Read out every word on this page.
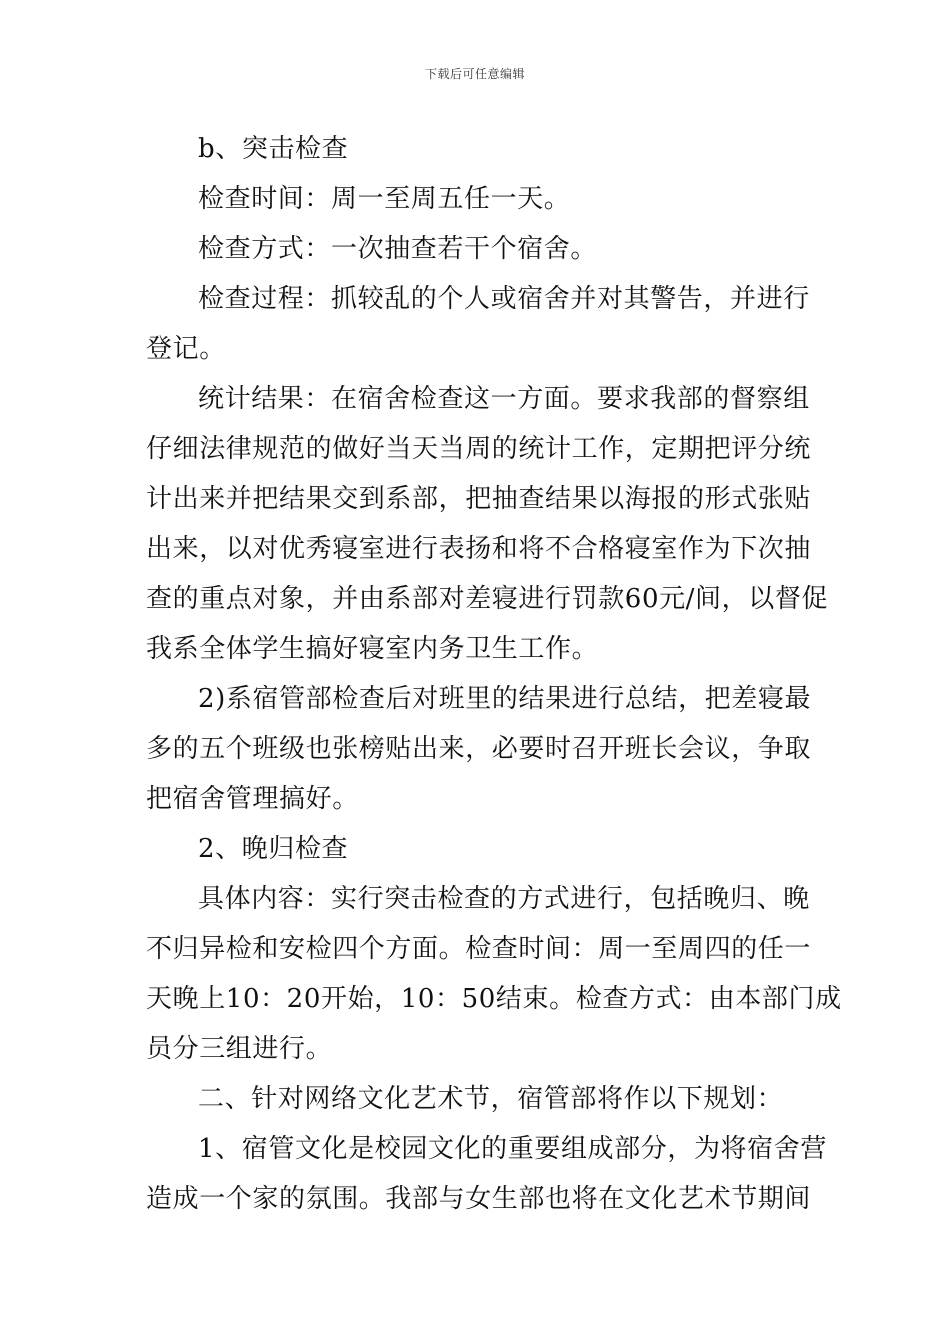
下载后可任意编辑
b、突击检查
检查时间：周一至周五任一天。
检查方式：一次抽查若干个宿舍。
检查过程：抓较乱的个人或宿舍并对其警告，并进行
登记。
统计结果：在宿舍检查这一方面。要求我部的督察组
仔细法律规范的做好当天当周的统计工作，定期把评分统
计出来并把结果交到系部，把抽查结果以海报的形式张贴
出来，以对优秀寝室进行表扬和将不合格寝室作为下次抽
查的重点对象，并由系部对差寝进行罚款60元/间，以督促
我系全体学生搞好寝室内务卫生工作。
2)系宿管部检查后对班里的结果进行总结，把差寝最
多的五个班级也张榜贴出来，必要时召开班长会议，争取
把宿舍管理搞好。
2、晚归检查
具体内容：实行突击检查的方式进行，包括晚归、晚
不归异检和安检四个方面。检查时间：周一至周四的任一
天晚上10：20开始，10：50结束。检查方式：由本部门成
员分三组进行。
二、针对网络文化艺术节，宿管部将作以下规划：
1、宿管文化是校园文化的重要组成部分，为将宿舍营
造成一个家的氛围。我部与女生部也将在文化艺术节期间
